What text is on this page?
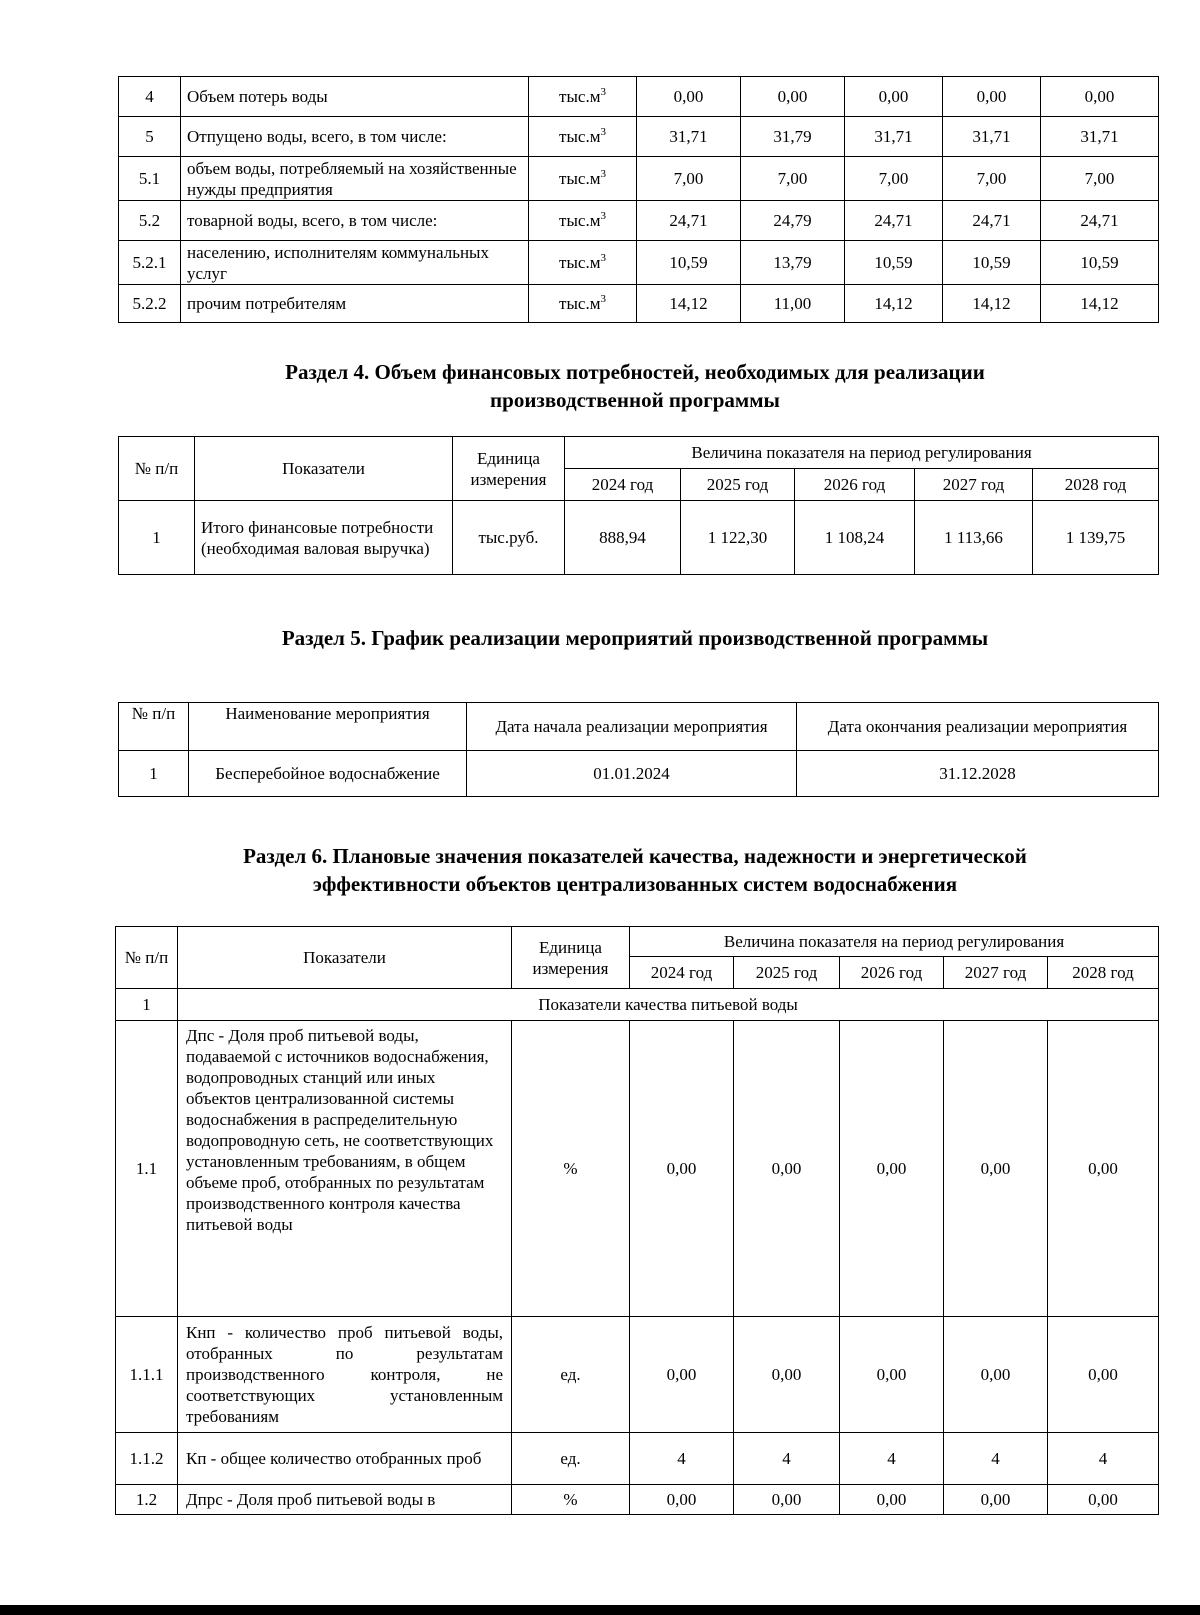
4	Объем потерь воды	$тыс.м^3$	0,00	0,00	0,00	0,00	0,00
5	Отпущено воды, всего, в том числе:	$тыс.м^3$	31,71	31,79	31,71	31,71	31,71
5.1	объем воды, потребляемый на хозяйственные нужды предприятия	$тыс.м^3$	7,00	7,00	7,00	7,00	7,00
5.2	товарной воды, всего, в том числе:	$тыс.м^3$	24,71	24,79	24,71	24,71	24,71
5.2.1	населению, исполнителям коммунальных услуг	$тыс.м^3$	10,59	13,79	10,59	10,59	10,59
5.2.2	прочим потребителям	$тыс.м^3$	14,12	11,00	14,12	14,12	14,12
Раздел 4. Объем финансовых потребностей, необходимых для реализации производственной программы
№ п/п	Показатели	Единица измерения	Величина показателя на период регулирования				
			2024 год	2025 год	2026 год	2027 год	2028 год
1	Итого финансовые потребности (необходимая валовая выручка)	тыс.руб.	888,94	1 122,30	1 108,24	1 113,66	1 139,75
Раздел 5. График реализации мероприятий производственной программы
№ п/п	Наименование мероприятия	Дата начала реализации мероприятия	Дата окончания реализации мероприятия
1	Бесперебойное водоснабжение	01.01.2024	31.12.2028
Раздел 6. Плановые значения показателей качества, надежности и энергетической эффективности объектов централизованных систем водоснабжения
№ п/п	Показатели	Единица измерения	Величина показателя на период регулирования				
			2024 год	2025 год	2026 год	2027 год	2028 год
1	Показатели качества питьевой воды						
1.1	Дпс - Доля проб питьевой воды, подаваемой с источников водоснабжения, водопроводных станций или иных объектов централизованной системы водоснабжения в распределительную водопроводную сеть, не соответствующих установленным требованиям, в общем объеме проб, отобранных по результатам производственного контроля качества питьевой воды	%	0,00	0,00	0,00	0,00	0,00
1.1.1	Кнп - количество проб питьевой воды, отобранных по результатам производственного контроля, не соответствующих установленным требованиям	ед.	0,00	0,00	0,00	0,00	0,00
1.1.2	Кп - общее количество отобранных проб	ед.	4	4	4	4	4
1.2	Дпрс - Доля проб питьевой воды в	%	0,00	0,00	0,00	0,00	0,00
